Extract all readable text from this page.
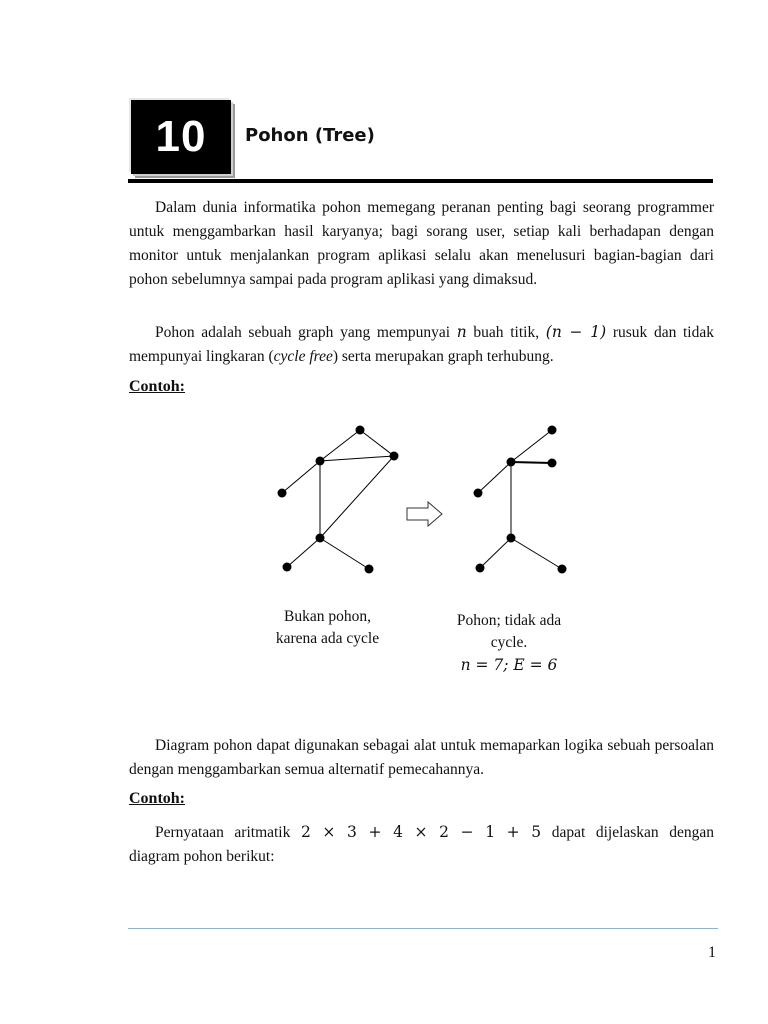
10 Pohon (Tree)

Dalam dunia informatika pohon memegang peranan penting bagi seorang programmer untuk menggambarkan hasil karyanya; bagi sorang user, setiap kali berhadapan dengan monitor untuk menjalankan program aplikasi selalu akan menelusuri bagian-bagian dari pohon sebelumnya sampai pada program aplikasi yang dimaksud.

Pohon adalah sebuah graph yang mempunyai n buah titik, (n − 1) rusuk dan tidak mempunyai lingkaran (cycle free) serta merupakan graph terhubung.

Contoh:
Bukan pohon,
karena ada cycle
Pohon; tidak ada
cycle.
n = 7; E = 6

Diagram pohon dapat digunakan sebagai alat untuk memaparkan logika sebuah persoalan dengan menggambarkan semua alternatif pemecahannya.

Contoh:

Pernyataan aritmatik 2 × 3 + 4 × 2 − 1 + 5 dapat dijelaskan dengan

diagram pohon berikut:

1
